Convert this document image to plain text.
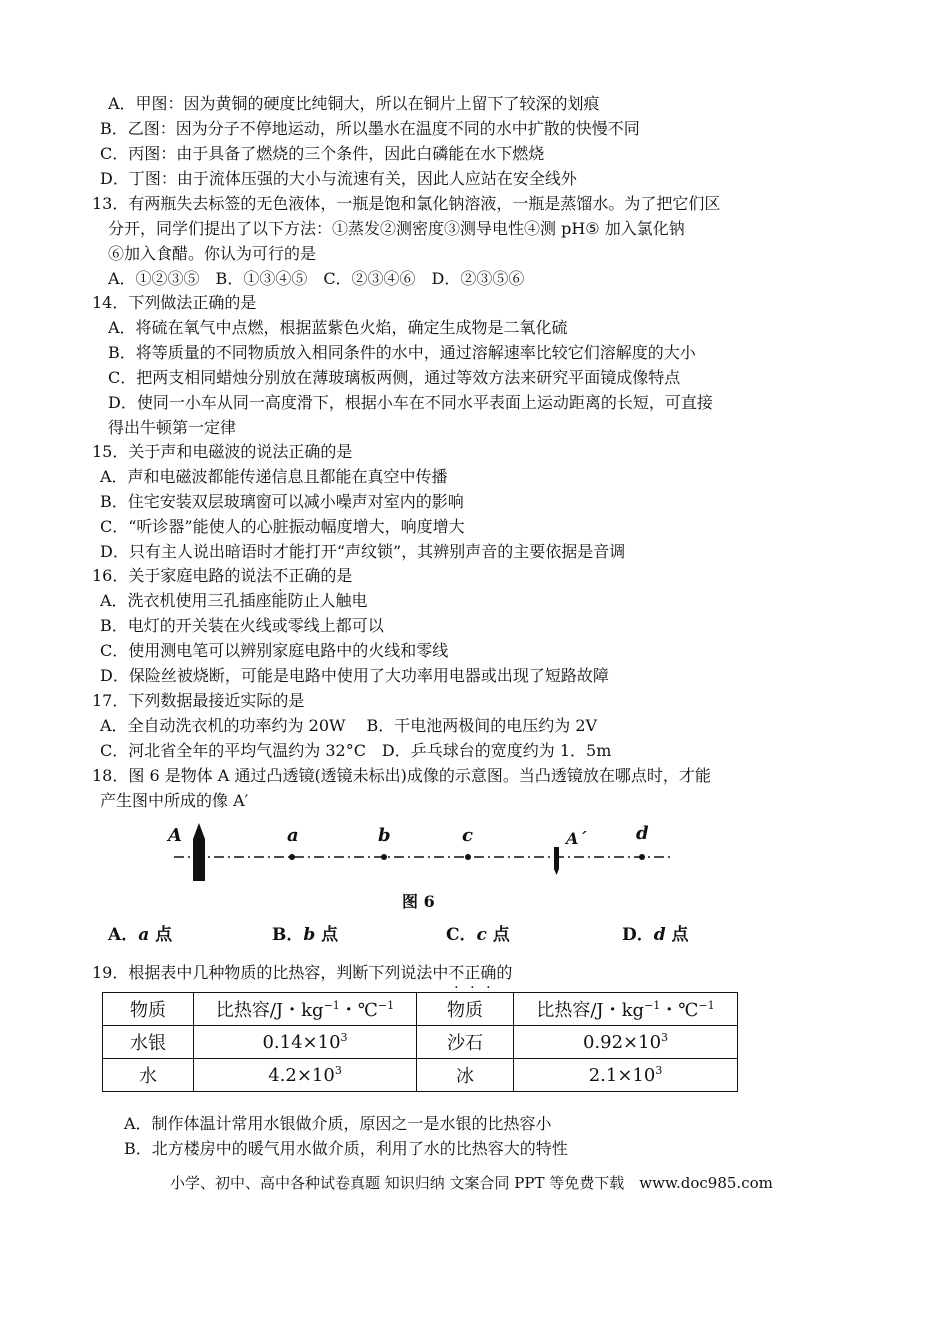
A．甲图：因为黄铜的硬度比纯铜大，所以在铜片上留下了较深的划痕
B．乙图：因为分子不停地运动，所以墨水在温度不同的水中扩散的快慢不同
C．丙图：由于具备了燃烧的三个条件，因此白磷能在水下燃烧
D．丁图：由于流体压强的大小与流速有关，因此人应站在安全线外
13．有两瓶失去标签的无色液体，一瓶是饱和氯化钠溶液，一瓶是蒸馏水。为了把它们区
分开，同学们提出了以下方法：①蒸发②测密度③测导电性④测 pH⑤ 加入氯化钠
⑥加入食醋。你认为可行的是
A．①②③⑤　B．①③④⑤　C．②③④⑥　D．②③⑤⑥
14．下列做法正确的是
A．将硫在氧气中点燃，根据蓝紫色火焰，确定生成物是二氧化硫
B．将等质量的不同物质放入相同条件的水中，通过溶解速率比较它们溶解度的大小
C．把两支相同蜡烛分别放在薄玻璃板两侧，通过等效方法来研究平面镜成像特点
D．使同一小车从同一高度滑下，根据小车在不同水平表面上运动距离的长短，可直接
得出牛顿第一定律
15．关于声和电磁波的说法正确的是
A．声和电磁波都能传递信息且都能在真空中传播
B．住宅安装双层玻璃窗可以减小噪声对室内的影响
C．“听诊器”能使人的心脏振动幅度增大，响度增大
D．只有主人说出暗语时才能打开“声纹锁”，其辨别声音的主要依据是音调
16．关于家庭电路的说法不正确的是
A．洗衣机使用三孔插座能防止人触电
B．电灯的开关装在火线或零线上都可以
C．使用测电笔可以辨别家庭电路中的火线和零线
D．保险丝被烧断，可能是电路中使用了大功率用电器或出现了短路故障
17．下列数据最接近实际的是
A．全自动洗衣机的功率约为 20W　 B．干电池两极间的电压约为 2V
C．河北省全年的平均气温约为 32°C　D．乒乓球台的宽度约为 1．5m
18．图 6 是物体 A 通过凸透镜(透镜未标出)成像的示意图。当凸透镜放在哪点时，才能
产生图中所成的像 A′
A	A´
a	b	c	d
图 6
A．a 点	B．b 点	C．c 点	D．d 点
19．根据表中几种物质的比热容，判断下列说法中不正确的
物质	比热容/J・$kg^{-1}$・℃$^{-1}$	物质	比热容/J・$kg^{-1}$・℃$^{-1}$
水银	$0.14\times 10^3$	沙石	$0.92\times 10^3$
水	$4.2\times 10^3$	冰	$2.1\times 10^3$
A．制作体温计常用水银做介质，原因之一是水银的比热容小
B．北方楼房中的暖气用水做介质，利用了水的比热容大的特性
小学、初中、高中各种试卷真题 知识归纳 文案合同 PPT 等免费下载　www.doc985.com
